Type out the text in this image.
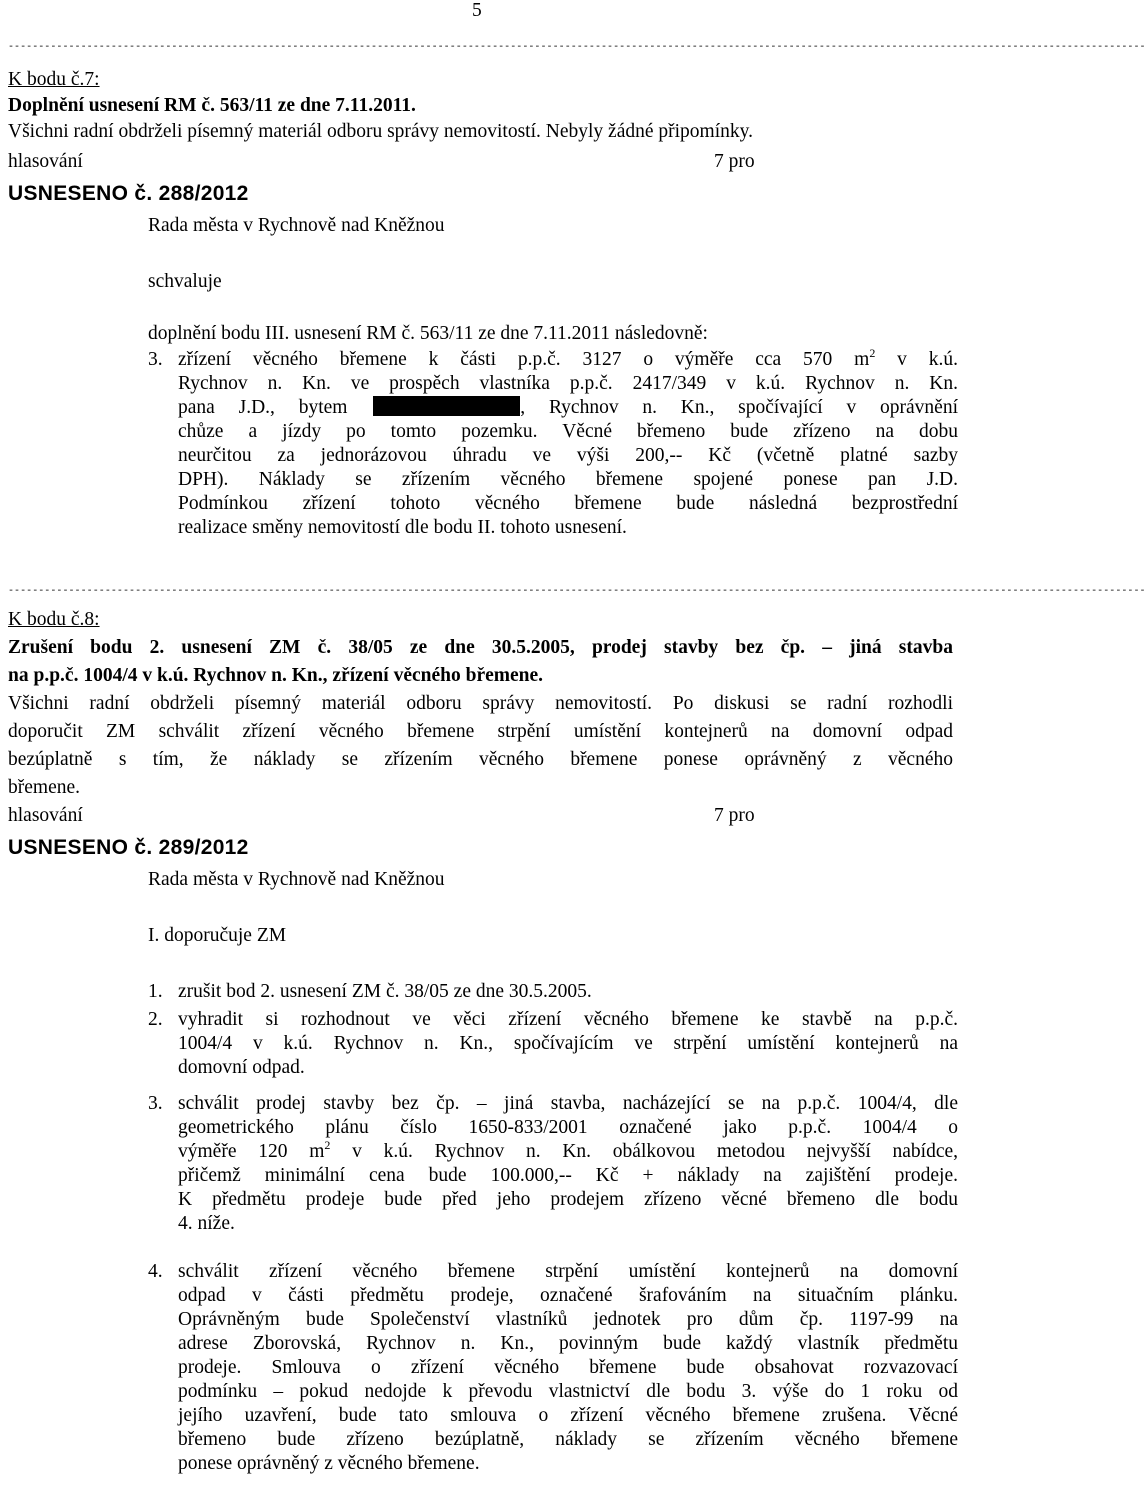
5
--------------------------------------------------------------------------------------------------------------------------------------------------------------------------------------------
K bodu č.7:
Doplnění usnesení RM č. 563/11 ze dne 7.11.2011.
Všichni radní obdrželi písemný materiál odboru správy nemovitostí. Nebyly žádné připomínky.
hlasování	7 pro
USNESENO č. 288/2012
Rada města v Rychnově nad Kněžnou
schvaluje
doplnění bodu III. usnesení RM č. 563/11 ze dne 7.11.2011 následovně:
3. zřízení věcného břemene k části p.p.č. 3127 o výměře cca 570 $m^2$ v k.ú.
Rychnov n. Kn. ve prospěch vlastníka p.p.č. 2417/349 v k.ú. Rychnov n. Kn.
pana J.D., bytem	, Rychnov n. Kn., spočívající v oprávnění
chůze a jízdy po tomto pozemku. Věcné břemeno bude zřízeno na dobu
neurčitou za jednorázovou úhradu ve výši 200,-- Kč (včetně platné sazby
DPH). Náklady se zřízením věcného břemene spojené ponese pan J.D.
Podmínkou zřízení tohoto věcného břemene bude následná bezprostřední
realizace směny nemovitostí dle bodu II. tohoto usnesení.
--------------------------------------------------------------------------------------------------------------------------------------------------------------------------------------------
K bodu č.8:
Zrušení bodu 2. usnesení ZM č. 38/05 ze dne 30.5.2005, prodej stavby bez čp. – jiná stavba
na p.p.č. 1004/4 v k.ú. Rychnov n. Kn., zřízení věcného břemene.
Všichni radní obdrželi písemný materiál odboru správy nemovitostí. Po diskusi se radní rozhodli
doporučit ZM schválit zřízení věcného břemene strpění umístění kontejnerů na domovní odpad
bezúplatně s tím, že náklady se zřízením věcného břemene ponese oprávněný z věcného
břemene.
hlasování	7 pro
USNESENO č. 289/2012
Rada města v Rychnově nad Kněžnou
I. doporučuje ZM
1. zrušit bod 2. usnesení ZM č. 38/05 ze dne 30.5.2005.
2. vyhradit si rozhodnout ve věci zřízení věcného břemene ke stavbě na p.p.č.
1004/4 v k.ú. Rychnov n. Kn., spočívajícím ve strpění umístění kontejnerů na
domovní odpad.
3. schválit prodej stavby bez čp. – jiná stavba, nacházející se na p.p.č. 1004/4, dle
geometrického plánu číslo 1650-833/2001 označené jako p.p.č. 1004/4 o
výměře 120 $m^2$ v k.ú. Rychnov n. Kn. obálkovou metodou nejvyšší nabídce,
přičemž minimální cena bude 100.000,-- Kč + náklady na zajištění prodeje.
K předmětu prodeje bude před jeho prodejem zřízeno věcné břemeno dle bodu
4. níže.
4. schválit zřízení věcného břemene strpění umístění kontejnerů na domovní
odpad v části předmětu prodeje, označené šrafováním na situačním plánku.
Oprávněným bude Společenství vlastníků jednotek pro dům čp. 1197-99 na
adrese Zborovská, Rychnov n. Kn., povinným bude každý vlastník předmětu
prodeje. Smlouva o zřízení věcného břemene bude obsahovat rozvazovací
podmínku – pokud nedojde k převodu vlastnictví dle bodu 3. výše do 1 roku od
jejího uzavření, bude tato smlouva o zřízení věcného břemene zrušena. Věcné
břemeno bude zřízeno bezúplatně, náklady se zřízením věcného břemene
ponese oprávněný z věcného břemene.
